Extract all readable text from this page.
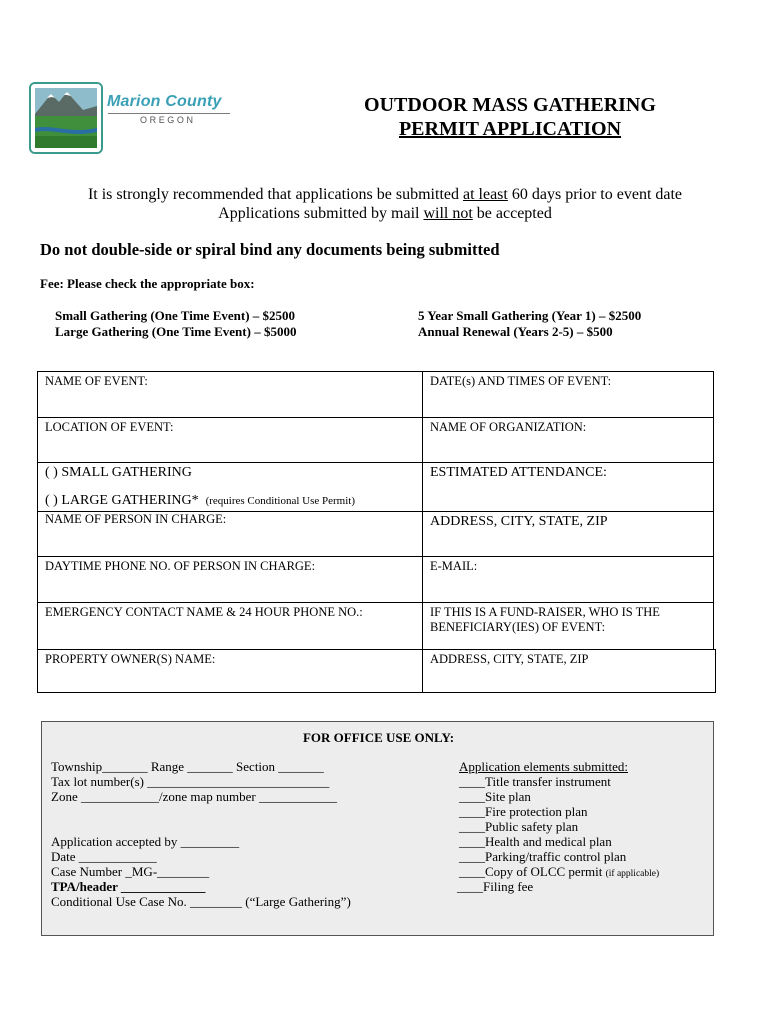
Marion County
OREGON
OUTDOOR MASS GATHERING
PERMIT APPLICATION
It is strongly recommended that applications be submitted at least 60 days prior to event date
Applications submitted by mail will not be accepted
Do not double-side or spiral bind any documents being submitted
Fee: Please check the appropriate box:
Small Gathering (One Time Event) – $2500
Large Gathering (One Time Event) – $5000
5 Year Small Gathering (Year 1) – $2500
Annual Renewal (Years 2-5) – $500
NAME OF EVENT:	DATE(s) AND TIMES OF EVENT:
LOCATION OF EVENT:	NAME OF ORGANIZATION:
( ) SMALL GATHERING	ESTIMATED ATTENDANCE:
( ) LARGE GATHERING* (requires Conditional Use Permit)
NAME OF PERSON IN CHARGE:	ADDRESS, CITY, STATE, ZIP
DAYTIME PHONE NO. OF PERSON IN CHARGE:	E-MAIL:
EMERGENCY CONTACT NAME & 24 HOUR PHONE NO.:	IF THIS IS A FUND-RAISER, WHO IS THE
BENEFICIARY(IES) OF EVENT:
PROPERTY OWNER(S) NAME:	ADDRESS, CITY, STATE, ZIP
FOR OFFICE USE ONLY:
Township_______ Range _______ Section _______
Tax lot number(s) ____________________________
Zone ____________/zone map number ____________
Application accepted by _________
Date ____________
Case Number _MG-________
TPA/header _____________
Conditional Use Case No. ________ (“Large Gathering”)
Application elements submitted:
____Title transfer instrument
____Site plan
____Fire protection plan
____Public safety plan
____Health and medical plan
____Parking/traffic control plan
____Copy of OLCC permit (if applicable)
____Filing fee
